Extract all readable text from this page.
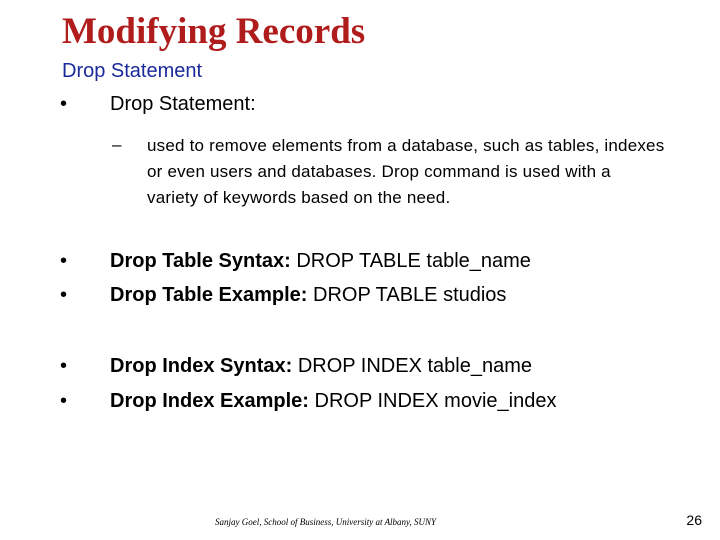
Modifying Records
Drop Statement
• Drop Statement:
– used to remove elements from a database, such as tables, indexes or even users and databases. Drop command is used with a variety of keywords based on the need.
• Drop Table Syntax: DROP TABLE table_name
• Drop Table Example: DROP TABLE studios
• Drop Index Syntax: DROP INDEX table_name
• Drop Index Example: DROP INDEX movie_index
Sanjay Goel, School of Business, University at Albany, SUNY	26
